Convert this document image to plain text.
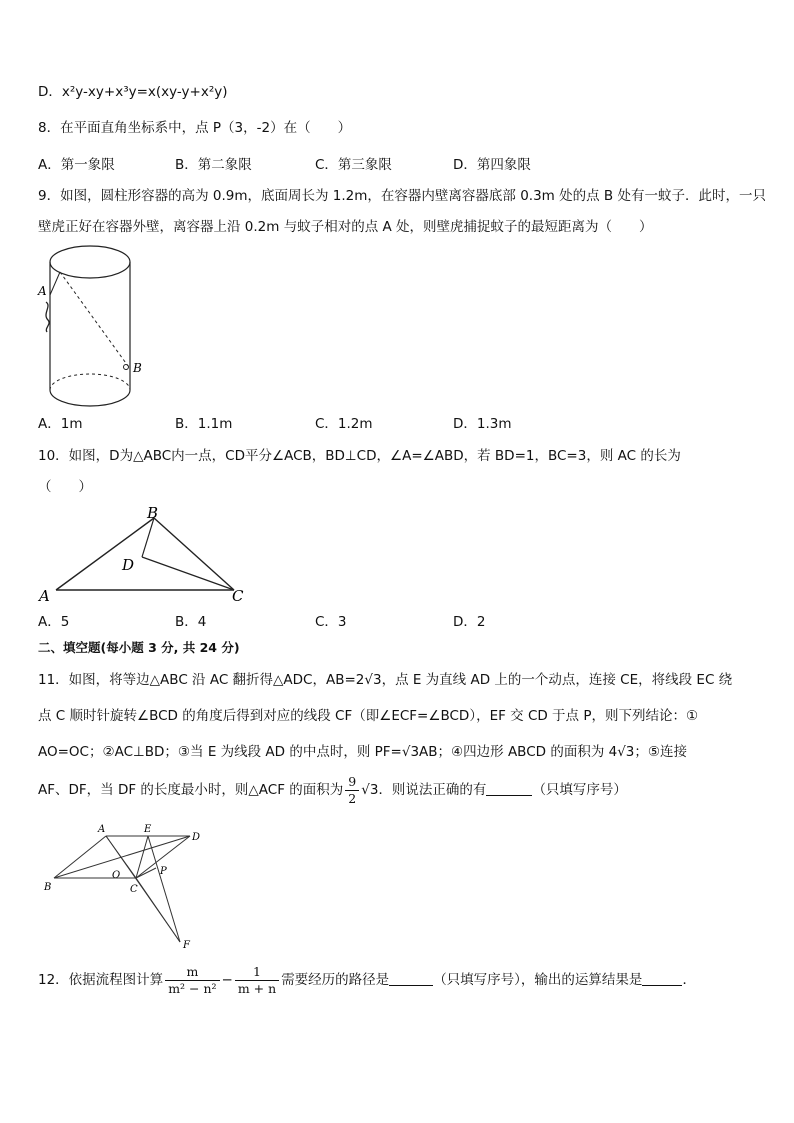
D．x²y-xy+x³y=x(xy-y+x²y)
8．在平面直角坐标系中，点 P（3，-2）在（　　）
A．第一象限	B．第二象限	C．第三象限	D．第四象限
9．如图，圆柱形容器的高为 0.9m，底面周长为 1.2m，在容器内壁离容器底部 0.3m 处的点 B 处有一蚊子．此时，一只
壁虎正好在容器外壁，离容器上沿 0.2m 与蚊子相对的点 A 处，则壁虎捕捉蚊子的最短距离为（　　）
A
B
A．1m	B．1.1m	C．1.2m	D．1.3m
10．如图，D为△ABC内一点，CD平分∠ACB，BD⊥CD，∠A=∠ABD，若 BD=1，BC=3，则 AC 的长为
（　　）
A
B
C
D
A．5	B．4	C．3	D．2
二、填空题(每小题 3 分, 共 24 分)
11．如图，将等边△ABC 沿 AC 翻折得△ADC，AB=2√3，点 E 为直线 AD 上的一个动点，连接 CE，将线段 EC 绕
点 C 顺时针旋转∠BCD 的角度后得到对应的线段 CF（即∠ECF=∠BCD），EF 交 CD 于点 P，则下列结论：①
AO=OC；②AC⊥BD；③当 E 为线段 AD 的中点时，则 PF=√3AB；④四边形 ABCD 的面积为 4√3；⑤连接
AF、DF，当 DF 的长度最小时，则△ACF 的面积为 $\frac{9}{2} √3$．则说法正确的有	（只填写序号）
A	E
D
O	P
B	C
F
12．依据流程图计算 $\frac{m}{\text{m² − n²}} - \frac{1}{m + n}$ 需要经历的路径是	（只填写序号），输出的运算结果是	．
